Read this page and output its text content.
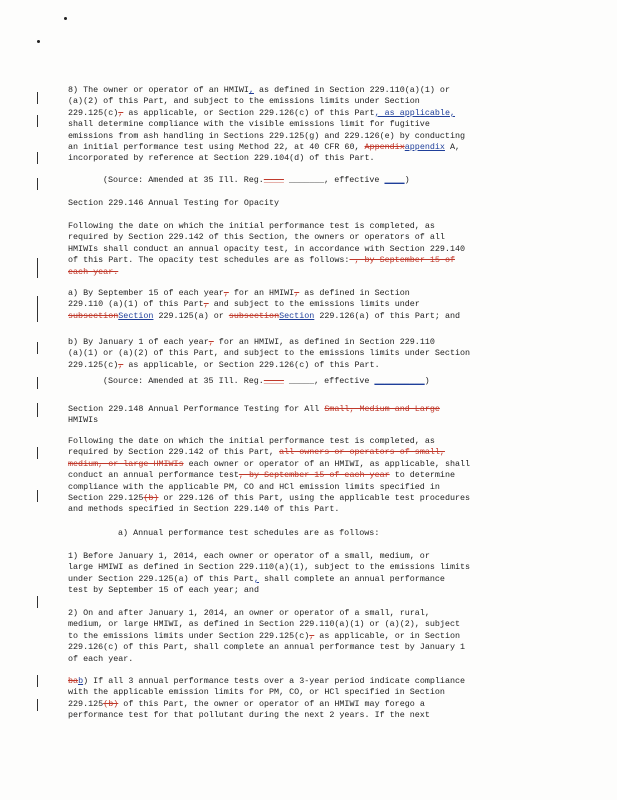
8) The owner or operator of an HMIWI, as defined in Section 229.110(a)(1) or
(a)(2) of this Part, and subject to the emissions limits under Section
229.125(c), as applicable, or Section 229.126(c) of this Part, as applicable,
shall determine compliance with the visible emissions limit for fugitive
emissions from ash handling in Sections 229.125(g) and 229.126(e) by conducting
an initial performance test using Method 22, at 40 CFR 60, Appendixappendix A,
incorporated by reference at Section 229.104(d) of this Part.
(Source: Amended at 35 Ill. Reg.____ _______, effective ____)
Section 229.146 Annual Testing for Opacity
Following the date on which the initial performance test is completed, as
required by Section 229.142 of this Section, the owners or operators of all
HMIWIs shall conduct an annual opacity test, in accordance with Section 229.140
of this Part. The opacity test schedules are as follows: , by September 15 of
each year.
a) By September 15 of each year, for an HMIWI, as defined in Section
229.110 (a)(1) of this Part, and subject to the emissions limits under
subsectionSection 229.125(a) or subsectionSection 229.126(a) of this Part; and
b) By January 1 of each year, for an HMIWI, as defined in Section 229.110
(a)(1) or (a)(2) of this Part, and subject to the emissions limits under Section
229.125(c), as applicable, or Section 229.126(c) of this Part.
(Source: Amended at 35 Ill. Reg.____ _____, effective __________)
Section 229.148 Annual Performance Testing for All Small, Medium and Large
HMIWIs
Following the date on which the initial performance test is completed, as
required by Section 229.142 of this Part, all owners or operators of small,
medium, or large HMIWIs each owner or operator of an HMIWI, as applicable, shall
conduct an annual performance test, by September 15 of each year to determine
compliance with the applicable PM, CO and HCl emission limits specified in
Section 229.125(b) or 229.126 of this Part, using the applicable test procedures
and methods specified in Section 229.140 of this Part.
a) Annual performance test schedules are as follows:
1) Before January 1, 2014, each owner or operator of a small, medium, or
large HMIWI as defined in Section 229.110(a)(1), subject to the emissions limits
under Section 229.125(a) of this Part, shall complete an annual performance
test by September 15 of each year; and
2) On and after January 1, 2014, an owner or operator of a small, rural,
medium, or large HMIWI, as defined in Section 229.110(a)(1) or (a)(2), subject
to the emissions limits under Section 229.125(c), as applicable, or in Section
229.126(c) of this Part, shall complete an annual performance test by January 1
of each year.
bab) If all 3 annual performance tests over a 3-year period indicate compliance
with the applicable emission limits for PM, CO, or HCl specified in Section
229.125(b) of this Part, the owner or operator of an HMIWI may forego a
performance test for that pollutant during the next 2 years. If the next
